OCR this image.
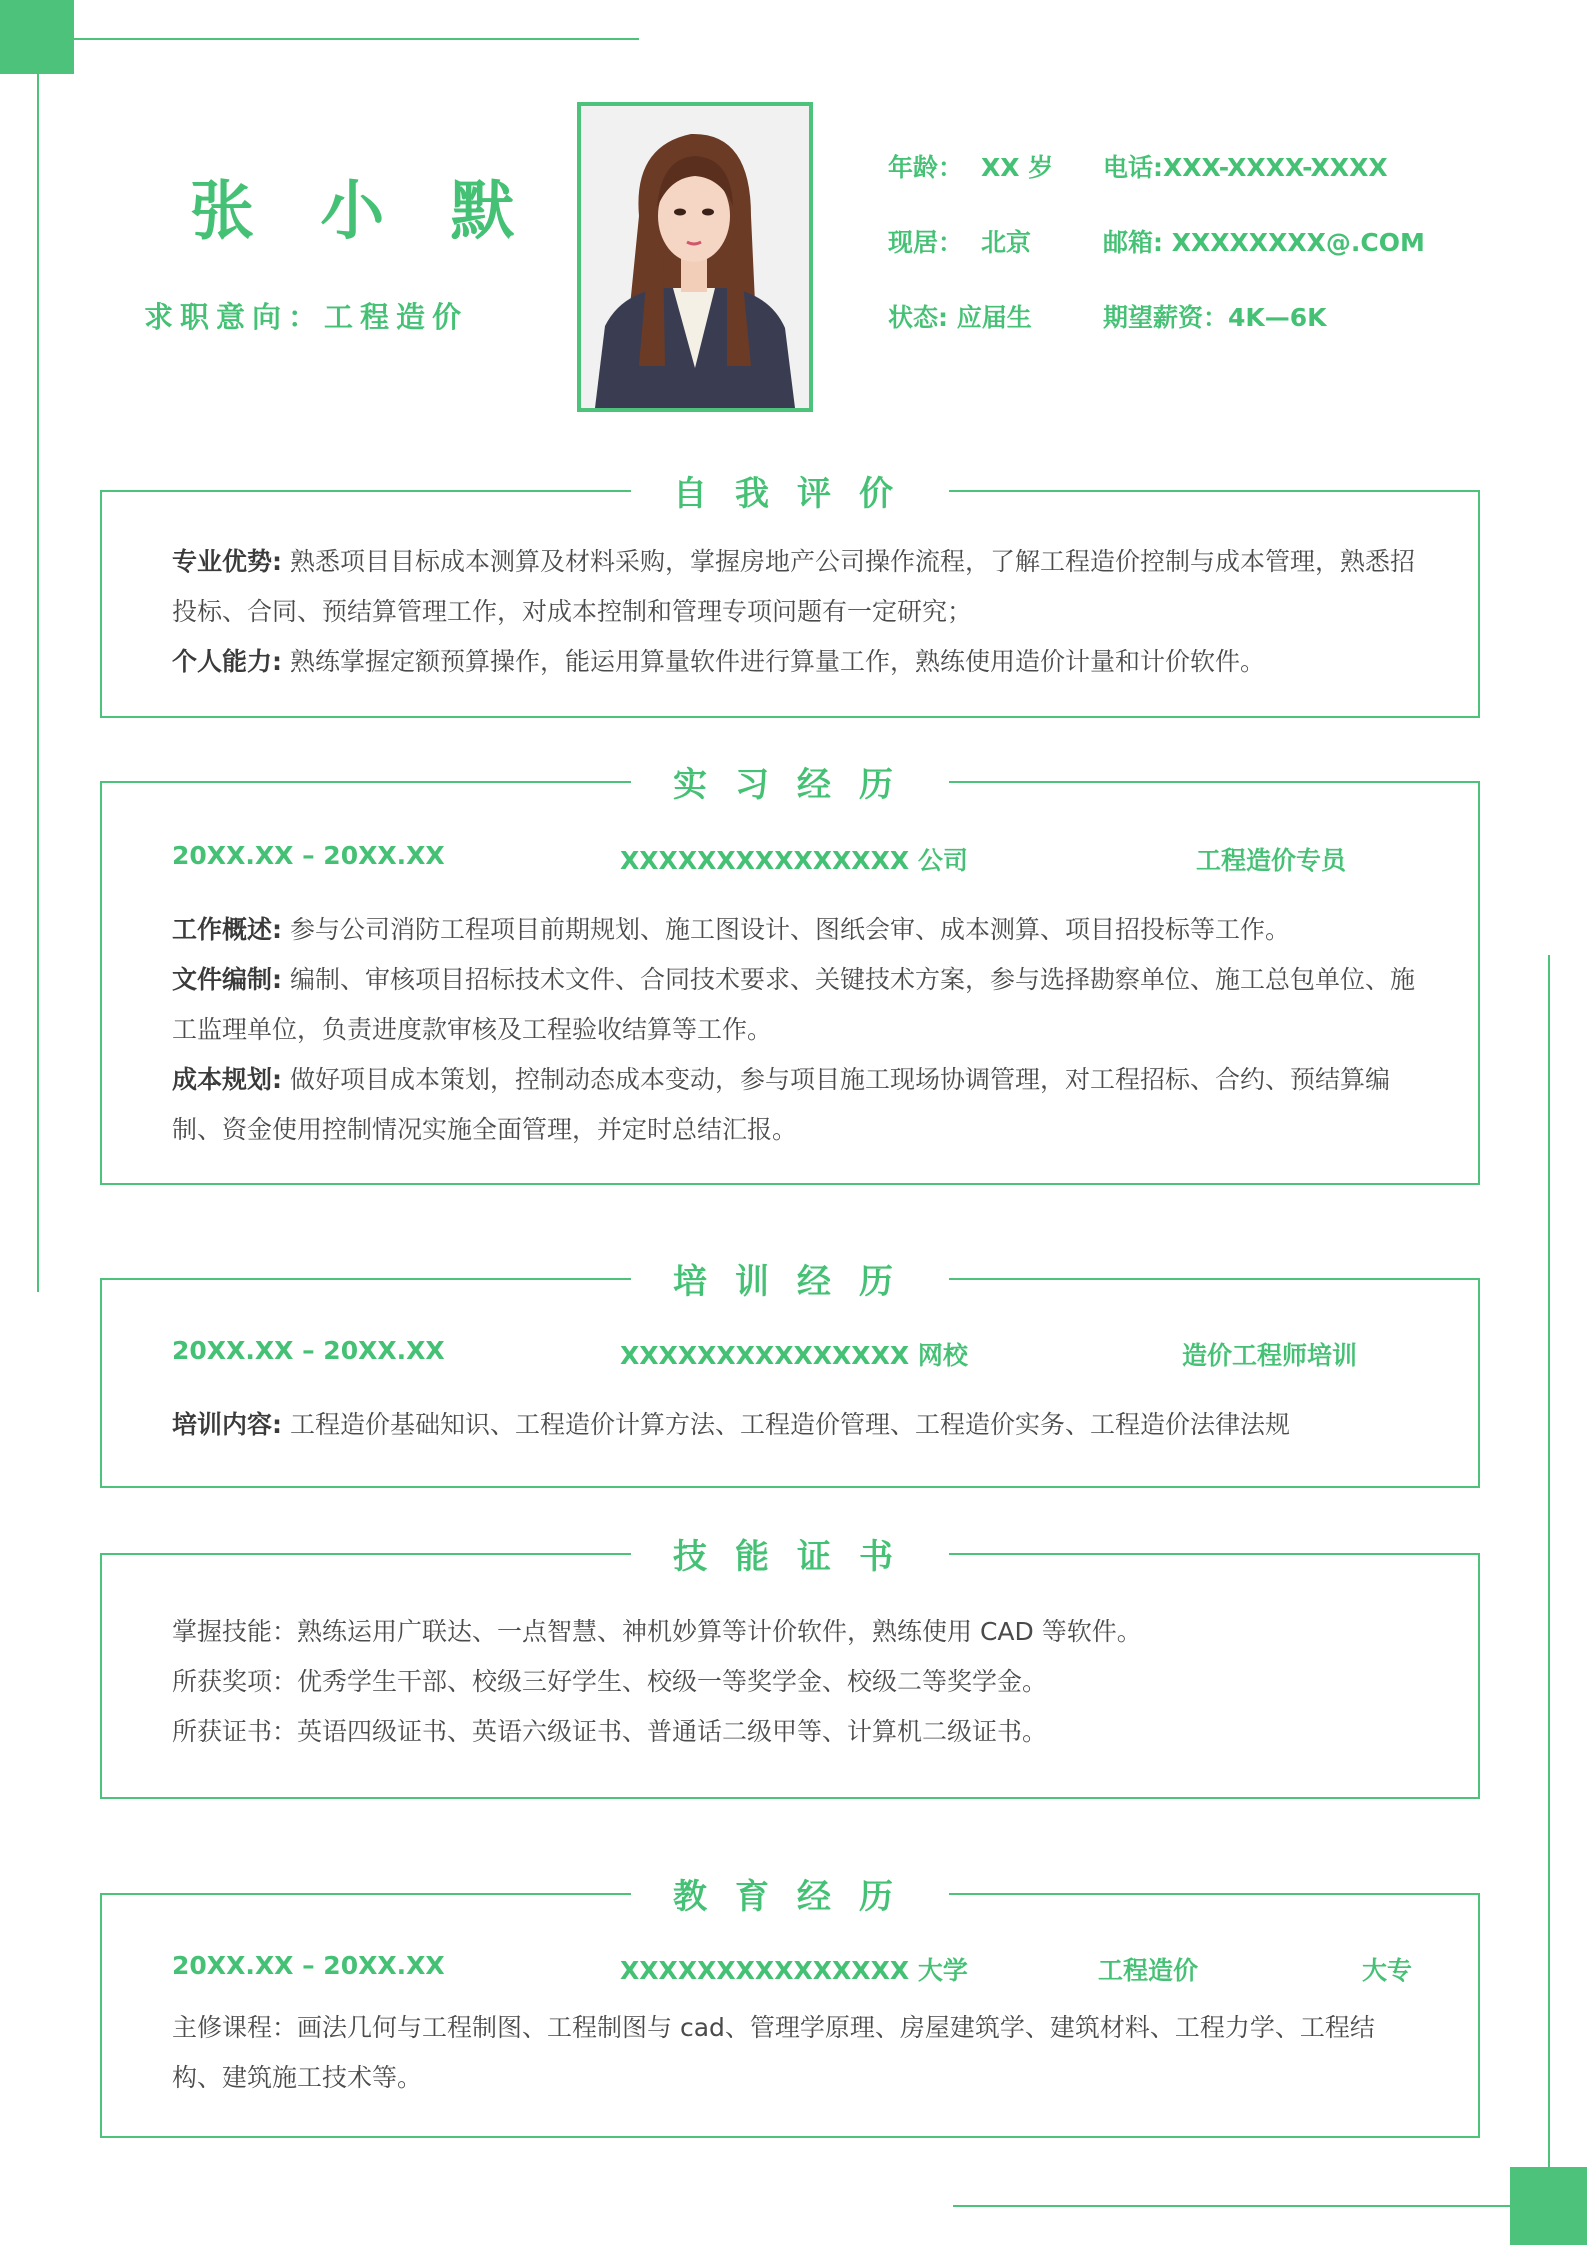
张 小 默
求职意向：工程造价
年龄： XX 岁 电话:XXX-XXXX-XXXX
现居： 北京	邮箱: XXXXXXXX@.COM
状态: 应届生	期望薪资：4K—6K
自我评价
专业优势: 熟悉项目目标成本测算及材料采购，掌握房地产公司操作流程，了解工程造价控制与成本管理，熟悉招投标、合同、预结算管理工作，对成本控制和管理专项问题有一定研究；
个人能力: 熟练掌握定额预算操作，能运用算量软件进行算量工作，熟练使用造价计量和计价软件。
实习经历
20XX.XX – 20XX.XX	XXXXXXXXXXXXXXX 公司	工程造价专员
工作概述: 参与公司消防工程项目前期规划、施工图设计、图纸会审、成本测算、项目招投标等工作。
文件编制: 编制、审核项目招标技术文件、合同技术要求、关键技术方案，参与选择勘察单位、施工总包单位、施工监理单位，负责进度款审核及工程验收结算等工作。
成本规划: 做好项目成本策划，控制动态成本变动，参与项目施工现场协调管理，对工程招标、合约、预结算编制、资金使用控制情况实施全面管理，并定时总结汇报。
培训经历
20XX.XX – 20XX.XX	XXXXXXXXXXXXXXX 网校	造价工程师培训
培训内容: 工程造价基础知识、工程造价计算方法、工程造价管理、工程造价实务、工程造价法律法规
技能证书
掌握技能：熟练运用广联达、一点智慧、神机妙算等计价软件，熟练使用 CAD 等软件。
所获奖项：优秀学生干部、校级三好学生、校级一等奖学金、校级二等奖学金。
所获证书：英语四级证书、英语六级证书、普通话二级甲等、计算机二级证书。
教育经历
20XX.XX – 20XX.XX	XXXXXXXXXXXXXXX 大学	工程造价	大专
主修课程：画法几何与工程制图、工程制图与 cad、管理学原理、房屋建筑学、建筑材料、工程力学、工程结构、建筑施工技术等。
